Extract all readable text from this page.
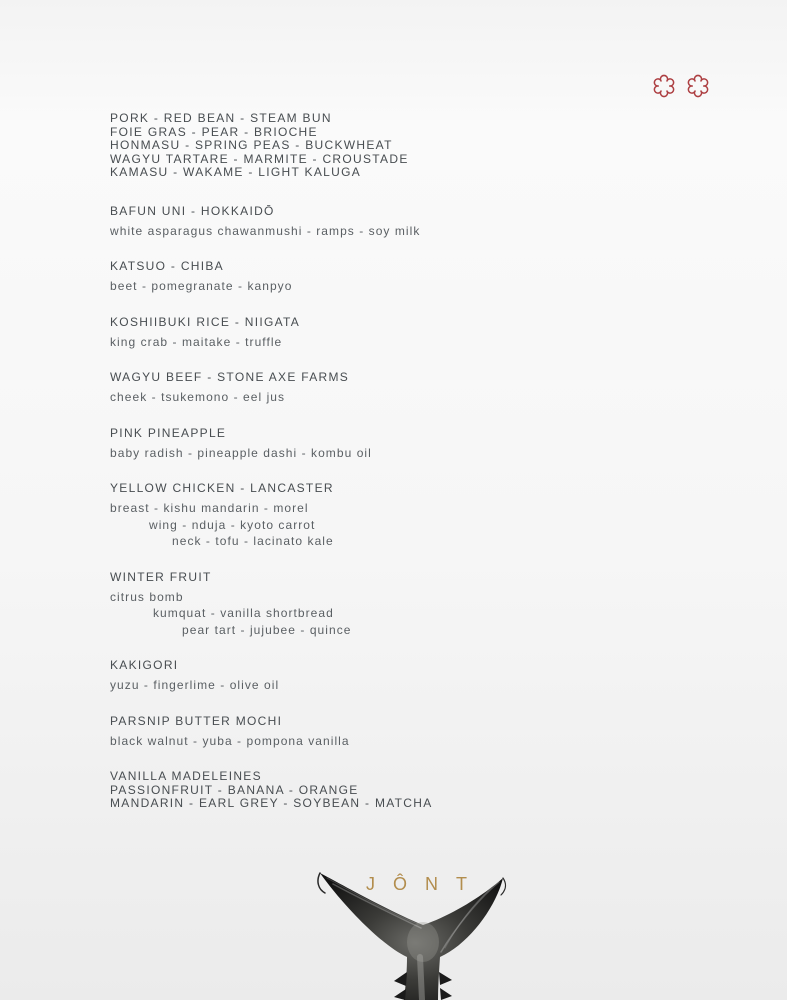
PORK - RED BEAN - STEAM BUN
FOIE GRAS - PEAR - BRIOCHE
HONMASU - SPRING PEAS - BUCKWHEAT
WAGYU TARTARE - MARMITE - CROUSTADE
KAMASU - WAKAME - LIGHT KALUGA
BAFUN UNI - HOKKAIDŌ
white asparagus chawanmushi - ramps - soy milk
KATSUO - CHIBA
beet - pomegranate - kanpyo
KOSHIIBUKI RICE - NIIGATA
king crab - maitake - truffle
WAGYU BEEF - STONE AXE FARMS
cheek - tsukemono - eel jus
PINK PINEAPPLE
baby radish - pineapple dashi - kombu oil
YELLOW CHICKEN - LANCASTER
breast - kishu mandarin - morel
wing - nduja - kyoto carrot
neck - tofu - lacinato kale
WINTER FRUIT
citrus bomb
kumquat - vanilla shortbread
pear tart - jujubee - quince
KAKIGORI
yuzu - fingerlime - olive oil
PARSNIP BUTTER MOCHI
black walnut - yuba - pompona vanilla
VANILLA MADELEINES
PASSIONFRUIT - BANANA - ORANGE
MANDARIN - EARL GREY - SOYBEAN - MATCHA
JÔNT
